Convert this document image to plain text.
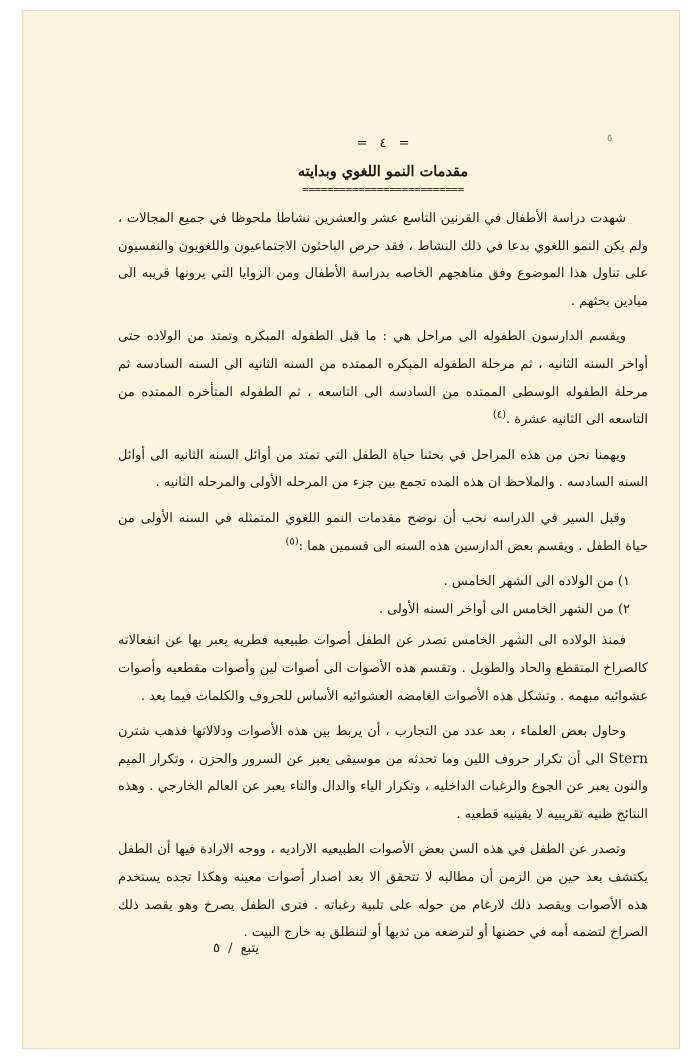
٥
= ٤ =
مقدمات النمو اللغوي وبدايته
==========================

شهدت دراسة الأطفال في القرنين التاسع عشر والعشرين نشاطا ملحوظا في جميع المجالات ، ولم يكن النمو اللغوي بدعا في ذلك النشاط ، فقد حرص الباحثون الاجتماعيون واللغويون والنفسيون على تناول هذا الموضوع وفق مناهجهم الخاصه بدراسة الأطفال ومن الزوايا التي يرونها قريبه الى ميادين بحثهم .

ويقسم الدارسون الطفوله الى مراحل هي : ما قبل الطفوله المبكره وتمتد من الولاده حتى أواخر السنه الثانيه ، ثم مرحلة الطفوله المبكره الممتده من السنه الثانيه الى السنه السادسه ثم مرحلة الطفوله الوسطى الممتده من السادسه الى التاسعه ، ثم الطفوله المتأخره الممتده من التاسعه الى الثانيه عشرة .$^{(٤)}$

ويهمنا نحن من هذه المراحل في بحثنا حياة الطفل التي تمتد من أوائل السنه الثانيه الى أوائل السنه السادسه . والملاحظ ان هذه المده تجمع بين جزء من المرحله الأولى والمرحله الثانيه .

وقبل السير في الدراسه نحب أن نوضح مقدمات النمو اللغوي المتمثله في السنه الأولى من حياة الطفل . ويقسم بعض الدارسين هذه السنه الى قسمين هما :$^{(٥)}$

١) من الولاده الى الشهر الخامس .
٢) من الشهر الخامس الى أواخر السنه الأولى .

فمنذ الولاده الى الشهر الخامس تصدر عن الطفل أصوات طبيعيه فطريه يعبر بها عن انفعالاته كالصراخ المتقطع والحاد والطويل . وتقسم هذه الأصوات الى أصوات لين وأصوات مقطعيه وأصوات عشوائيه مبهمه . وتشكل هذه الأصوات الغامضه العشوائيه الأساس للحروف والكلمات فيما بعد .

وحاول بعض العلماء ، بعد عدد من التجارب ، أن يربط بين هذه الأصوات ودلالاتها فذهب شترن Stern الى أن تكرار حروف اللين وما تحدثه من موسيقى يعبر عن السرور والحزن ، وتكرار الميم والنون يعبر عن الجوع والرغبات الداخليه ، وتكرار الياء والدال والتاء يعبر عن العالم الخارجي . وهذه النتائج ظنيه تقريبيه لا يقينيه قطعيه .

وتصدر عن الطفل في هذه السن بعض الأصوات الطبيعيه الاراديه ، ووجه الارادة فيها أن الطفل يكتشف بعد حين من الزمن أن مطالبه لا تتحقق الا بعد اصدار أصوات معينه وهكذا تجده يستخدم هذه الأصوات ويقصد ذلك لارغام من حوله على تلبية رغباته . فترى الطفل يصرخ وهو يقصد ذلك الصراخ لتضمه أمه في حضنها أو لترضعه من ثديها أو لتنطلق به خارج البيت .

يتبع / ٥
